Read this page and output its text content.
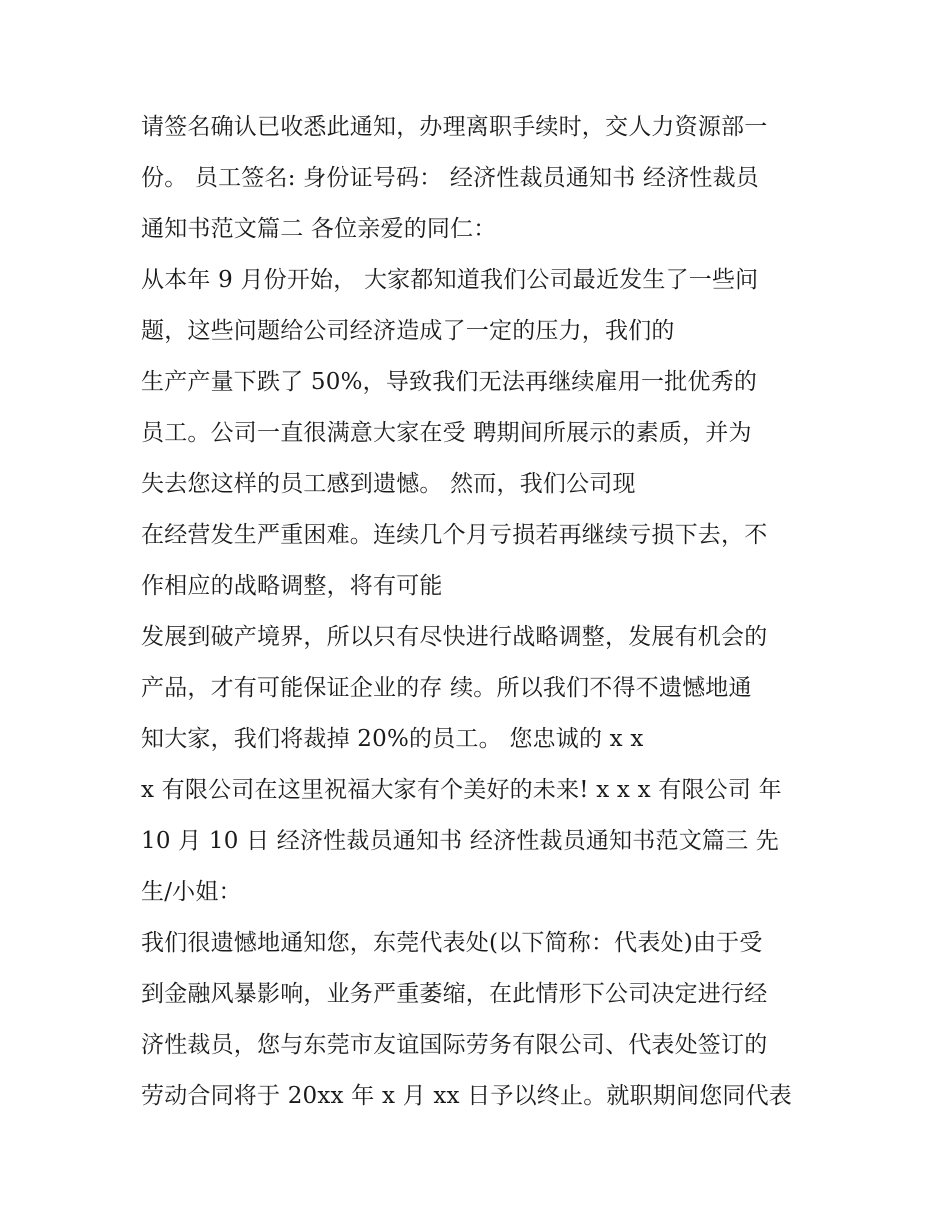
请签名确认已收悉此通知，办理离职手续时，交人力资源部一
份。 员工签名: 身份证号码： 经济性裁员通知书 经济性裁员
通知书范文篇二 各位亲爱的同仁：
从本年 9 月份开始， 大家都知道我们公司最近发生了一些问
题，这些问题给公司经济造成了一定的压力，我们的
生产产量下跌了 50%，导致我们无法再继续雇用一批优秀的
员工。公司一直很满意大家在受 聘期间所展示的素质，并为
失去您这样的员工感到遗憾。 然而，我们公司现
在经营发生严重困难。连续几个月亏损若再继续亏损下去，不
作相应的战略调整，将有可能
发展到破产境界，所以只有尽快进行战略调整，发展有机会的
产品，才有可能保证企业的存 续。所以我们不得不遗憾地通
知大家，我们将裁掉 20%的员工。 您忠诚的 x x
x 有限公司在这里祝福大家有个美好的未来! x x x 有限公司 年
10 月 10 日 经济性裁员通知书 经济性裁员通知书范文篇三 先
生/小姐：
我们很遗憾地通知您，东莞代表处(以下简称：代表处)由于受
到金融风暴影响，业务严重萎缩，在此情形下公司决定进行经
济性裁员，您与东莞市友谊国际劳务有限公司、代表处签订的
劳动合同将于 20xx 年 x 月 xx 日予以终止。就职期间您同代表
